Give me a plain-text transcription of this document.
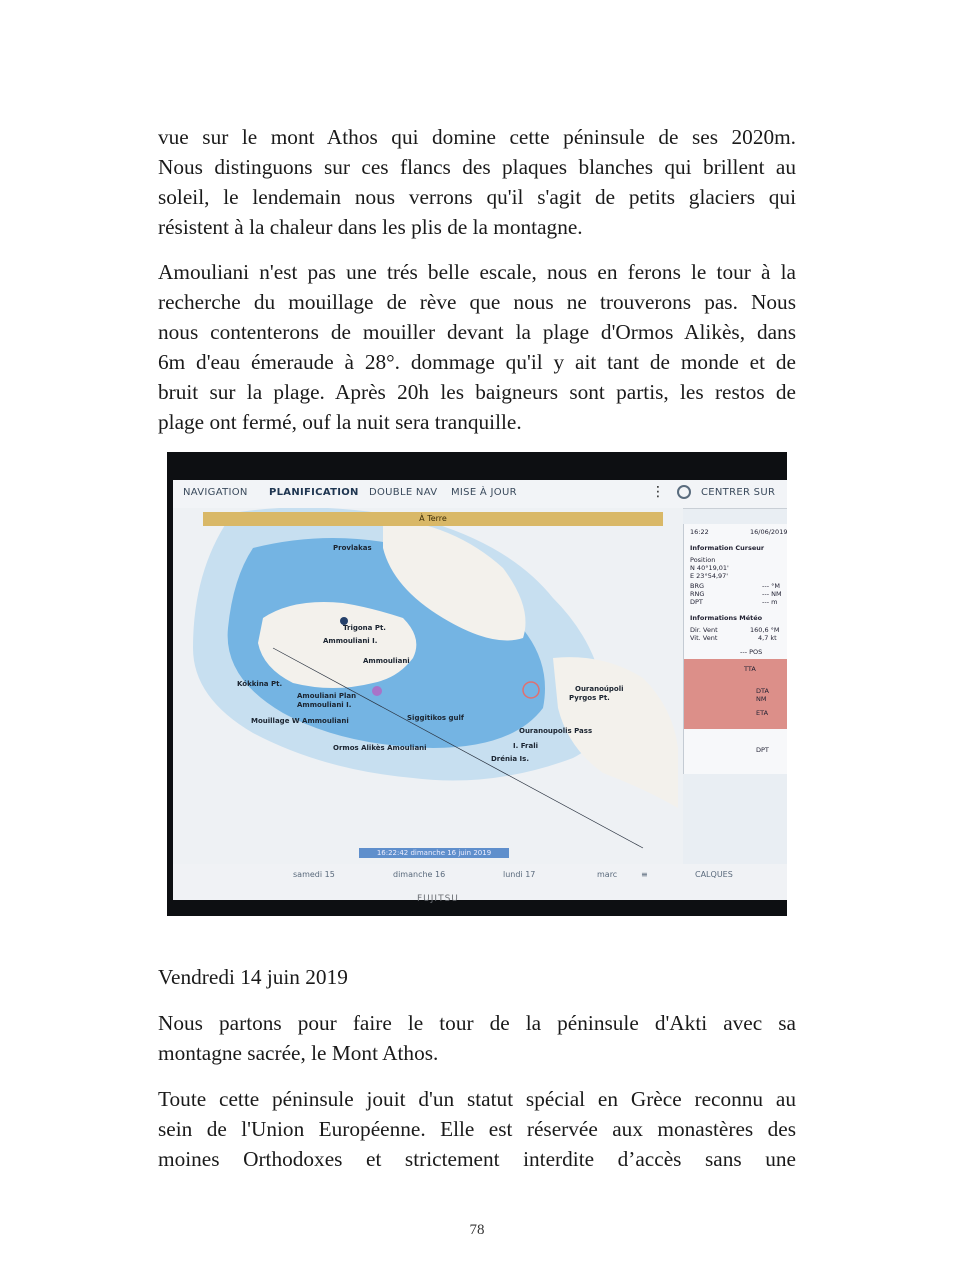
vue sur le mont Athos qui domine cette péninsule de ses 2020m.
Nous distinguons sur ces flancs des plaques blanches qui brillent au
soleil, le lendemain nous verrons qu'il s'agit de petits glaciers qui
résistent à la chaleur dans les plis de la montagne.
Amouliani n'est pas une trés belle escale, nous en ferons le tour à la
recherche du mouillage de rève que nous ne trouverons pas. Nous
nous contenterons de mouiller devant la plage d'Ormos Alikès, dans
6m d'eau émeraude à 28°. dommage qu'il y ait tant de monde et de
bruit sur la plage. Après 20h les baigneurs sont partis, les restos de
plage ont fermé, ouf la nuit sera tranquille.
NAVIGATION PLANIFICATION DOUBLE NAV MISE À JOUR	⋮	CENTRER SUR
Provlakas
Trigona Pt.
Ammouliani I.
Ammouliani
Kókkina Pt.
Amouliani Plan
Ammouliani I.
Mouillage W Ammouliani	Siggitikos gulf
Ormos Alikès Amouliani
Ouranoúpoli
Pyrgos Pt.
Ouranoupolis Pass
I. Frali
Drénia Is.
À Terre
16:22	16/06/2019
Information Curseur
Position
N 40°19,01'
E 23°54,97'
BRG	--- °M
RNG	--- NM
DPT	--- m
Informations Météo
Dir. Vent	160,6 °M
Vit. Vent	4,7 kt
--- POS
TTA
DTA
NM
ETA
DPT
16:22:42 dimanche 16 juin 2019
samedi 15	dimanche 16	lundi 17	marc	≡	CALQUES
FUJITSU
Vendredi 14 juin 2019
Nous partons pour faire le tour de la péninsule d'Akti avec sa
montagne sacrée, le Mont Athos.
Toute cette péninsule jouit d'un statut spécial en Grèce reconnu au
sein de l'Union Européenne. Elle est réservée aux monastères des
moines Orthodoxes et strictement interdite d’accès sans une
78
